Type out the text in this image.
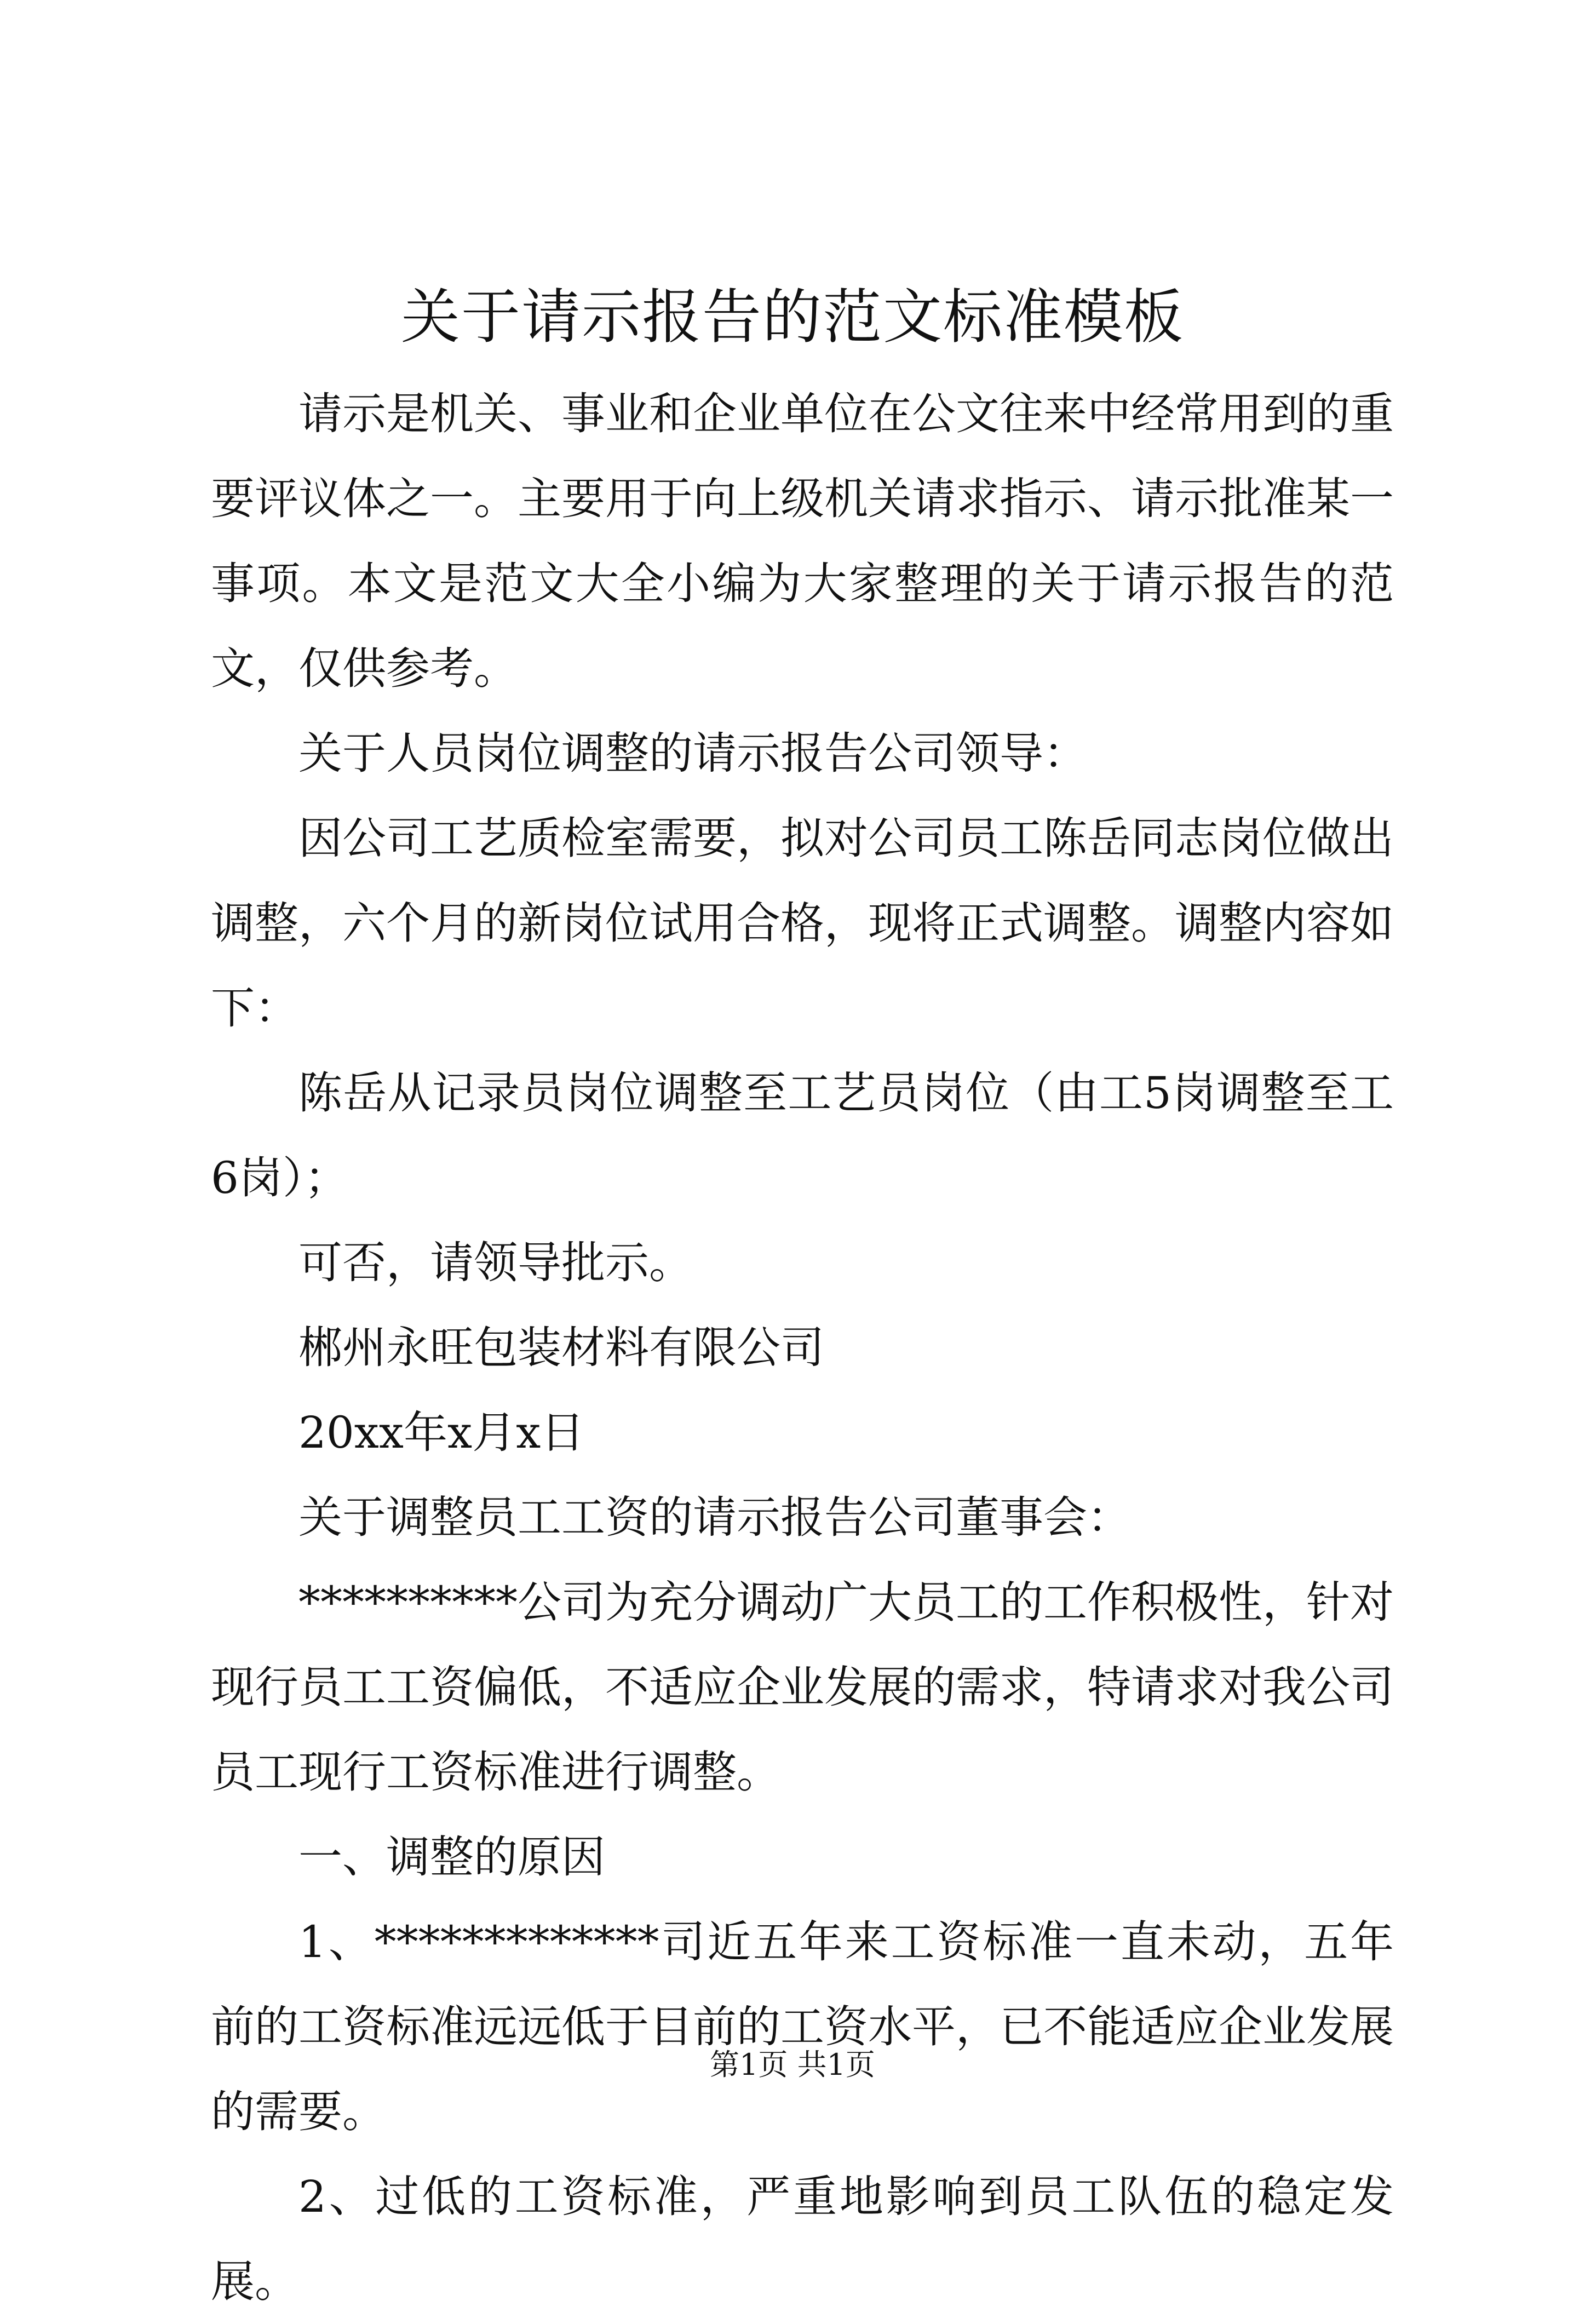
关于请示报告的范文标准模板

请示是机关、事业和企业单位在公文往来中经常用到的重要评议体之一。主要用于向上级机关请求指示、请示批准某一事项。本文是范文大全小编为大家整理的关于请示报告的范文，仅供参考。

关于人员岗位调整的请示报告公司领导：

因公司工艺质检室需要，拟对公司员工陈岳同志岗位做出调整，六个月的新岗位试用合格，现将正式调整。调整内容如下：

陈岳从记录员岗位调整至工艺员岗位（由工5岗调整至工6岗）；

可否，请领导批示。

郴州永旺包装材料有限公司

20xx年x月x日

关于调整员工工资的请示报告公司董事会：

**********公司为充分调动广大员工的工作积极性，针对现行员工工资偏低，不适应企业发展的需求，特请求对我公司员工现行工资标准进行调整。

一、调整的原因

1、*************司近五年来工资标准一直未动，五年前的工资标准远远低于目前的工资水平，已不能适应企业发展的需要。

2、过低的工资标准，严重地影响到员工队伍的稳定发展。

第1页 共1页
